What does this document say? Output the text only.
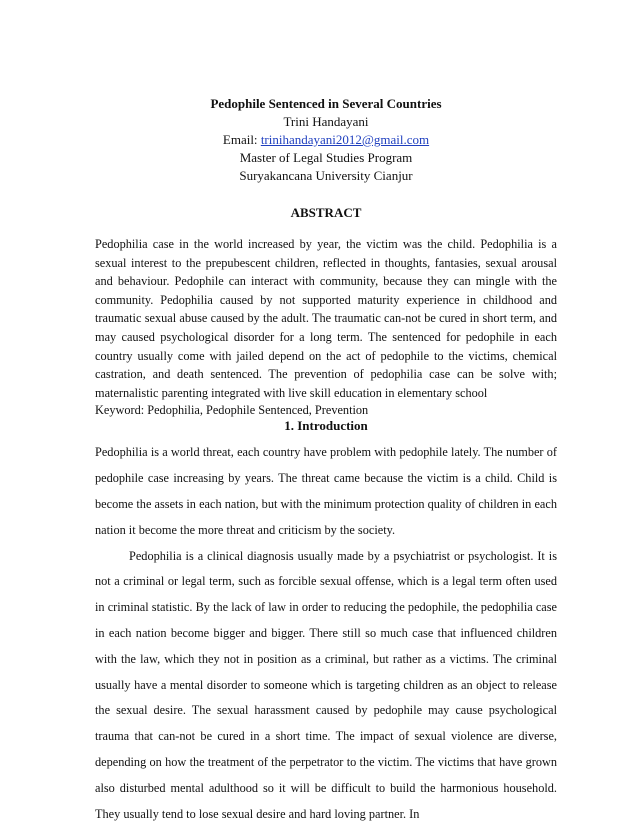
Pedophile Sentenced in Several Countries
Trini Handayani
Email: trinihandayani2012@gmail.com
Master of Legal Studies Program
Suryakancana University Cianjur
ABSTRACT

Pedophilia case in the world increased by year, the victim was the child. Pedophilia is a sexual interest to the prepubescent children, reflected in thoughts, fantasies, sexual arousal and behaviour. Pedophile can interact with community, because they can mingle with the community. Pedophilia caused by not supported maturity experience in childhood and traumatic sexual abuse caused by the adult. The traumatic can-not be cured in short term, and may caused psychological disorder for a long term. The sentenced for pedophile in each country usually come with jailed depend on the act of pedophile to the victims, chemical castration, and death sentenced. The prevention of pedophilia case can be solve with; maternalistic parenting integrated with live skill education in elementary school

Keyword: Pedophilia, Pedophile Sentenced, Prevention

1. Introduction

Pedophilia is a world threat, each country have problem with pedophile lately. The number of pedophile case increasing by years. The threat came because the victim is a child. Child is become the assets in each nation, but with the minimum protection quality of children in each nation it become the more threat and criticism by the society.

Pedophilia is a clinical diagnosis usually made by a psychiatrist or psychologist. It is not a criminal or legal term, such as forcible sexual offense, which is a legal term often used in criminal statistic. By the lack of law in order to reducing the pedophile, the pedophilia case in each nation become bigger and bigger. There still so much case that influenced children with the law, which they not in position as a criminal, but rather as a victims. The criminal usually have a mental disorder to someone which is targeting children as an object to release the sexual desire. The sexual harassment caused by pedophile may cause psychological trauma that can-not be cured in a short time. The impact of sexual violence are diverse, depending on how the treatment of the perpetrator to the victim. The victims that have grown also disturbed mental adulthood so it will be difficult to build the harmonious household. They usually tend to lose sexual desire and hard loving partner. In
